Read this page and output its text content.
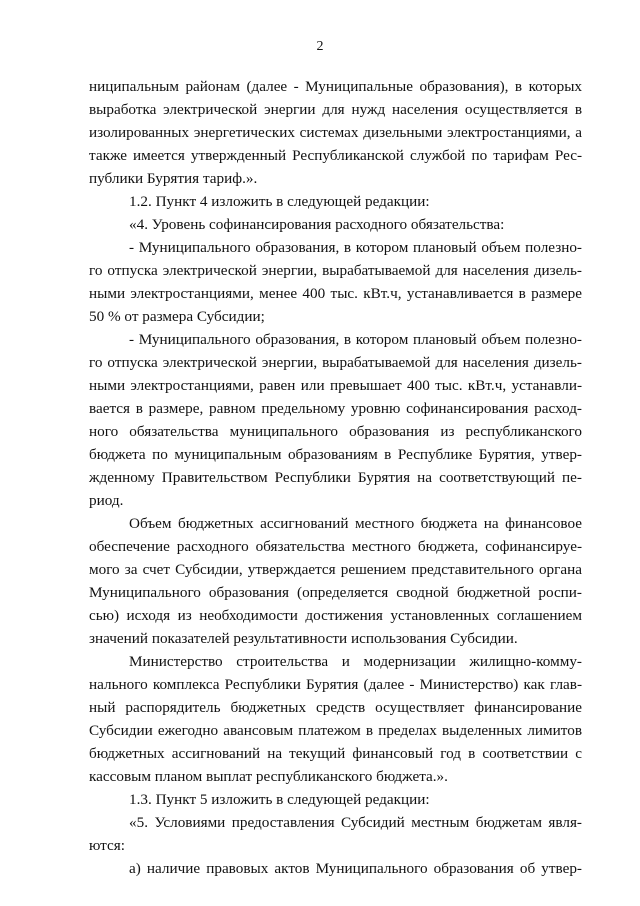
2
ниципальным районам (далее - Муниципальные образования), в которых
выработка электрической энергии для нужд населения осуществляется в
изолированных энергетических системах дизельными электростанциями, а
также имеется утвержденный Республиканской службой по тарифам Рес-
публики Бурятия тариф.».
1.2. Пункт 4 изложить в следующей редакции:
«4. Уровень софинансирования расходного обязательства:
- Муниципального образования, в котором плановый объем полезно-
го отпуска электрической энергии, вырабатываемой для населения дизель-
ными электростанциями, менее 400 тыс. кВт.ч, устанавливается в размере
50 % от размера Субсидии;
- Муниципального образования, в котором плановый объем полезно-
го отпуска электрической энергии, вырабатываемой для населения дизель-
ными электростанциями, равен или превышает 400 тыс. кВт.ч, устанавли-
вается в размере, равном предельному уровню софинансирования расход-
ного обязательства муниципального образования из республиканского
бюджета по муниципальным образованиям в Республике Бурятия, утвер-
жденному Правительством Республики Бурятия на соответствующий пе-
риод.
Объем бюджетных ассигнований местного бюджета на финансовое
обеспечение расходного обязательства местного бюджета, софинансируе-
мого за счет Субсидии, утверждается решением представительного органа
Муниципального образования (определяется сводной бюджетной роспи-
сью) исходя из необходимости достижения установленных соглашением
значений показателей результативности использования Субсидии.
Министерство строительства и модернизации жилищно-комму-
нального комплекса Республики Бурятия (далее - Министерство) как глав-
ный распорядитель бюджетных средств осуществляет финансирование
Субсидии ежегодно авансовым платежом в пределах выделенных лимитов
бюджетных ассигнований на текущий финансовый год в соответствии с
кассовым планом выплат республиканского бюджета.».
1.3. Пункт 5 изложить в следующей редакции:
«5. Условиями предоставления Субсидий местным бюджетам явля-
ются:
а) наличие правовых актов Муниципального образования об утвер-
